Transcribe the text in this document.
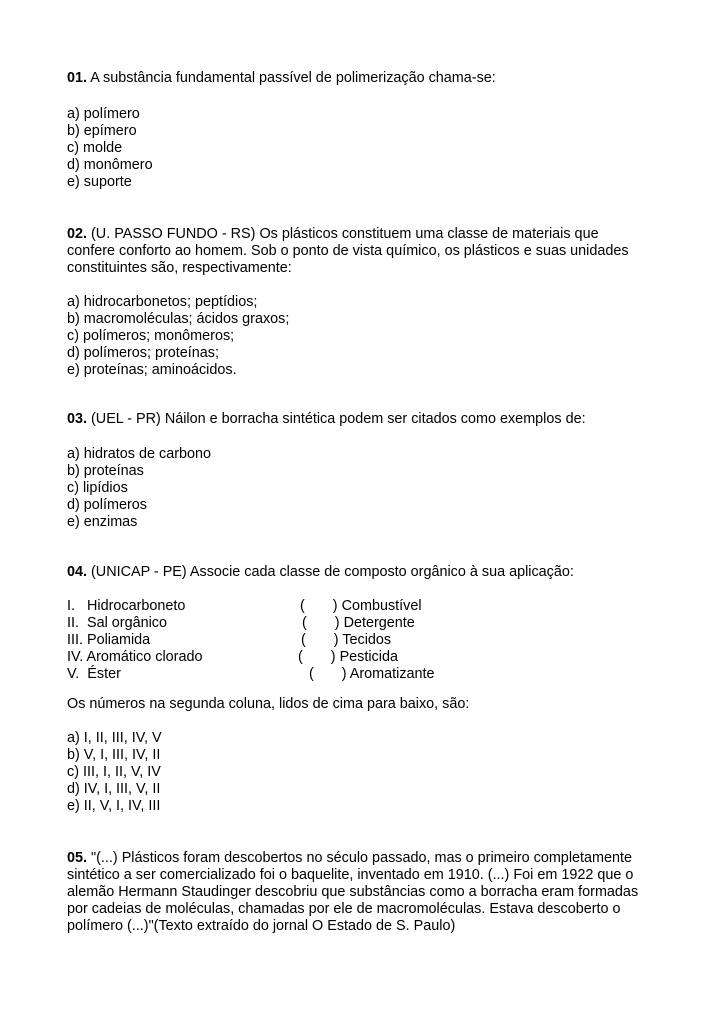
01. A substância fundamental passível de polimerização chama-se:
a) polímero
b) epímero
c) molde
d) monômero
e) suporte
02. (U. PASSO FUNDO - RS) Os plásticos constituem uma classe de materiais que
confere conforto ao homem. Sob o ponto de vista químico, os plásticos e suas unidades
constituintes são, respectivamente:
a) hidrocarbonetos; peptídios;
b) macromoléculas; ácidos graxos;
c) polímeros; monômeros;
d) polímeros; proteínas;
e) proteínas; aminoácidos.
03. (UEL - PR) Náilon e borracha sintética podem ser citados como exemplos de:
a) hidratos de carbono
b) proteínas
c) lipídios
d) polímeros
e) enzimas
04. (UNICAP - PE) Associe cada classe de composto orgânico à sua aplicação:
I.   Hidrocarboneto
II.  Sal orgânico
III. Poliamida
IV. Aromático clorado
V.  Éster
(       ) Combustível
(       ) Detergente
(       ) Tecidos
(       ) Pesticida
(       ) Aromatizante
Os números na segunda coluna, lidos de cima para baixo, são:
a) I, II, III, IV, V
b) V, I, III, IV, II
c) III, I, II, V, IV
d) IV, I, III, V, II
e) II, V, I, IV, III
05. "(...) Plásticos foram descobertos no século passado, mas o primeiro completamente
sintético a ser comercializado foi o baquelite, inventado em 1910. (...) Foi em 1922 que o
alemão Hermann Staudinger descobriu que substâncias como a borracha eram formadas
por cadeias de moléculas, chamadas por ele de macromoléculas. Estava descoberto o
polímero (...)"(Texto extraído do jornal O Estado de S. Paulo)
